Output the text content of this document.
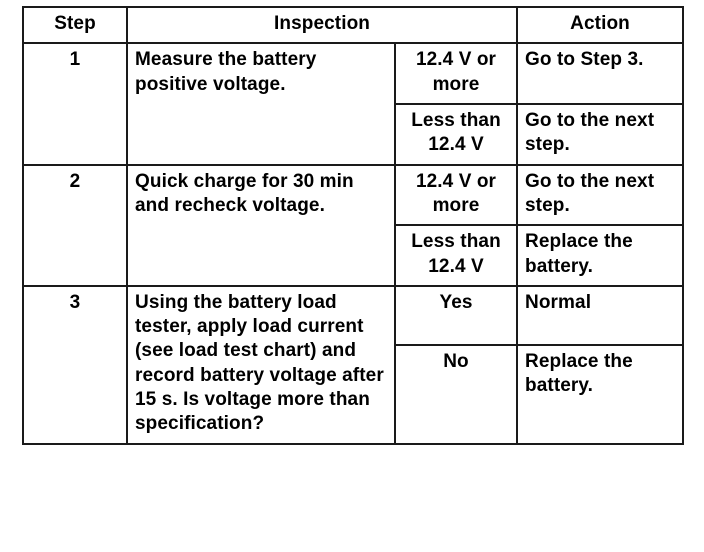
Step	Inspection		Action
1	Measure the battery positive voltage.	12.4 V or more	Go to Step 3.
		Less than 12.4 V	Go to the next step.
2	Quick charge for 30 min and recheck voltage.	12.4 V or more	Go to the next step.
		Less than 12.4 V	Replace the battery.
3	Using the battery load tester, apply load current (see load test chart) and record battery voltage after 15 s. Is voltage more than specification?	Yes	Normal
		No	Replace the battery.
